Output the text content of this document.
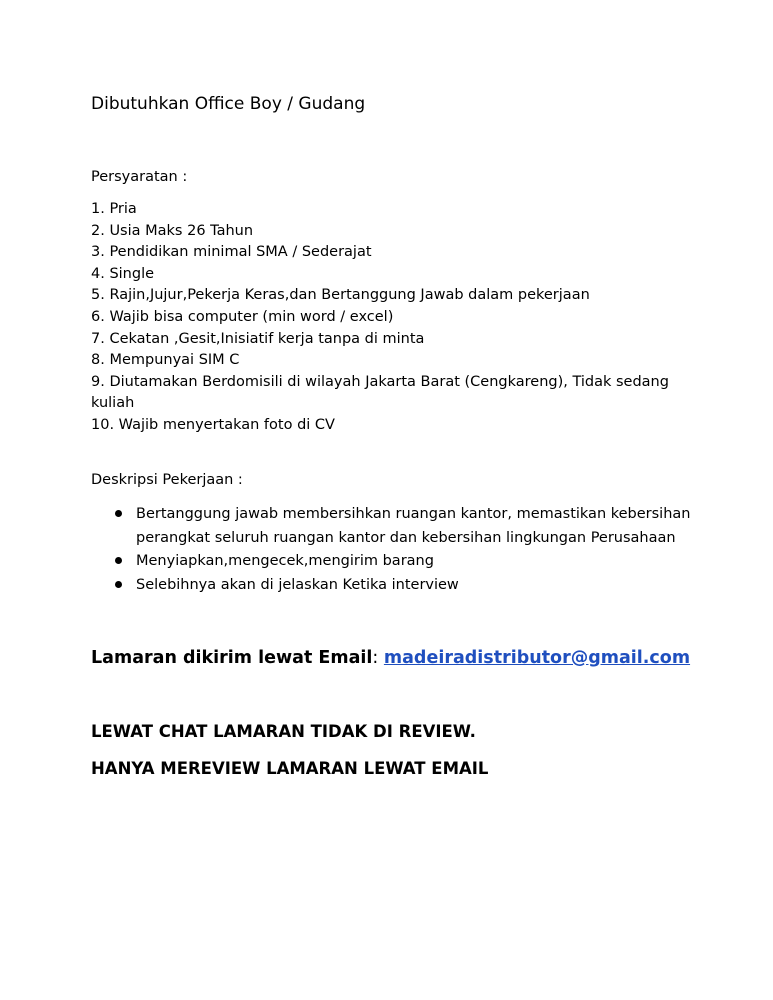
Dibutuhkan Office Boy / Gudang

Persyaratan :

1. Pria
2. Usia Maks 26 Tahun
3. Pendidikan minimal SMA / Sederajat
4. Single
5. Rajin,Jujur,Pekerja Keras,dan Bertanggung Jawab dalam pekerjaan
6. Wajib bisa computer (min word / excel)
7. Cekatan ,Gesit,Inisiatif kerja tanpa di minta
8. Mempunyai SIM C
9. Diutamakan Berdomisili di wilayah Jakarta Barat (Cengkareng), Tidak sedang kuliah
10. Wajib menyertakan foto di CV

Deskripsi Pekerjaan :

Bertanggung jawab membersihkan ruangan kantor, memastikan kebersihan perangkat seluruh ruangan kantor dan kebersihan lingkungan Perusahaan
Menyiapkan,mengecek,mengirim barang
Selebihnya akan di jelaskan Ketika interview
Lamaran dikirim lewat Email: madeiradistributor@gmail.com

LEWAT CHAT LAMARAN TIDAK DI REVIEW.

HANYA MEREVIEW LAMARAN LEWAT EMAIL
